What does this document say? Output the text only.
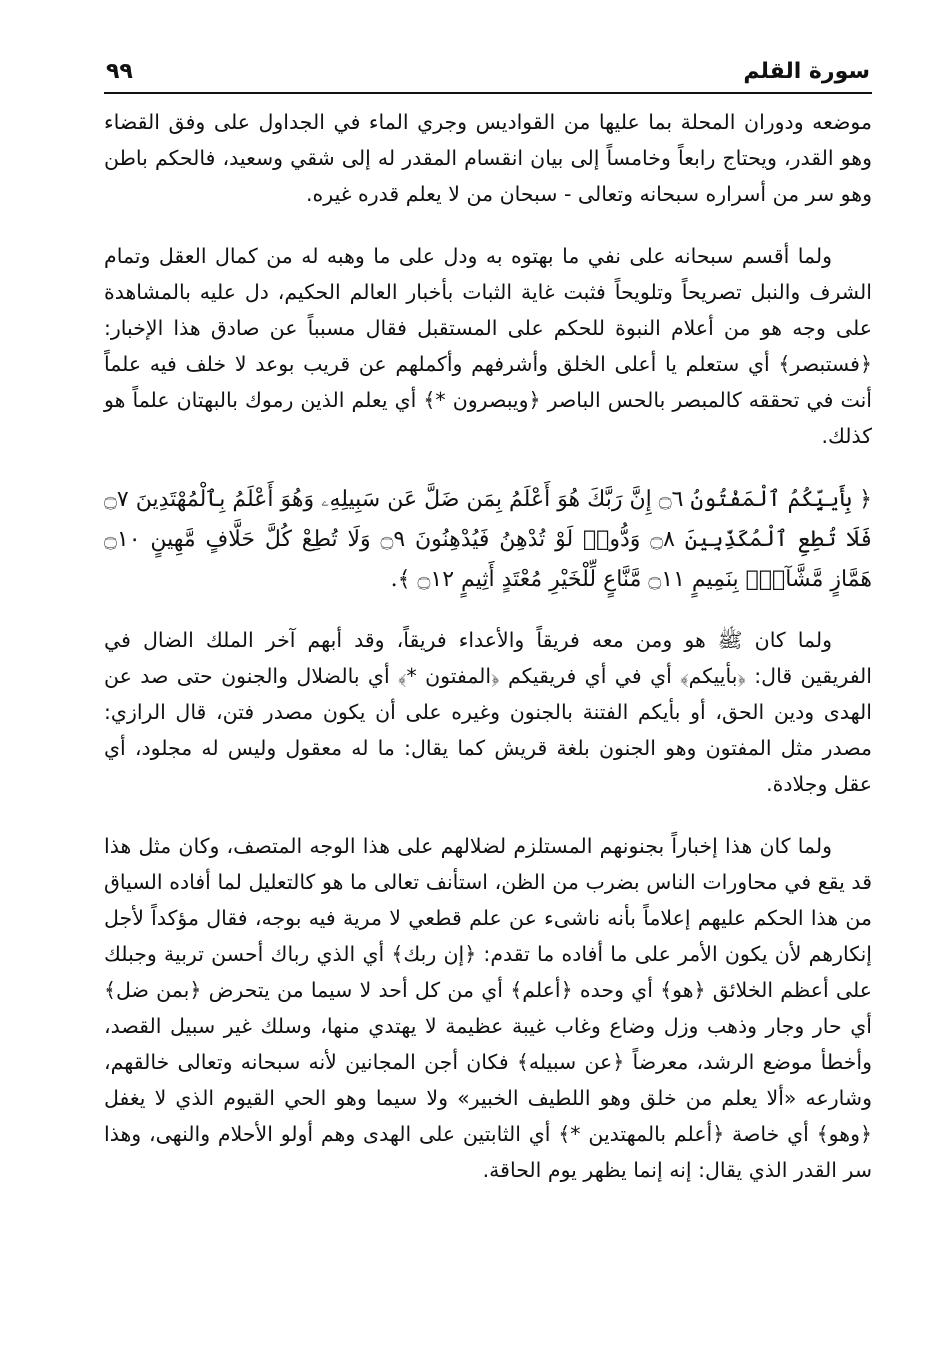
سورة القلم
٩٩

موضعه ودوران المحلة بما عليها من القواديس وجري الماء في الجداول على وفق القضاء وهو القدر، ويحتاج رابعاً وخامساً إلى بيان انقسام المقدر له إلى شقي وسعيد، فالحكم باطن وهو سر من أسراره سبحانه وتعالى - سبحان من لا يعلم قدره غيره.

ولما أقسم سبحانه على نفي ما بهتوه به ودل على ما وهبه له من كمال العقل وتمام الشرف والنبل تصريحاً وتلويحاً فثبت غاية الثبات بأخبار العالم الحكيم، دل عليه بالمشاهدة على وجه هو من أعلام النبوة للحكم على المستقبل فقال مسبباً عن صادق هذا الإخبار: ﴿فستبصر﴾ أي ستعلم يا أعلى الخلق وأشرفهم وأكملهم عن قريب بوعد لا خلف فيه علماً أنت في تحققه كالمبصر بالحس الباصر ﴿ويبصرون *﴾ أي يعلم الذين رموك بالبهتان علماً هو كذلك.

﴿ بِأَييِّكُمُ ٱلْمَفْتُونُ ۝٦ إِنَّ رَبَّكَ هُوَ أَعْلَمُ بِمَن ضَلَّ عَن سَبِيلِهِۦ وَهُوَ أَعْلَمُ بِٱلْمُهْتَدِينَ ۝٧ فَلَا تُطِعِ ٱلْمُكَذِّبِينَ ۝٨ وَدُّوا۟ لَوْ تُدْهِنُ فَيُدْهِنُونَ ۝٩ وَلَا تُطِعْ كُلَّ حَلَّافٍ مَّهِينٍ ۝١٠ هَمَّازٍ مَّشَّآءٍۭ بِنَمِيمٍ ۝١١ مَّنَّاعٍ لِّلْخَيْرِ مُعْتَدٍ أَثِيمٍ ۝١٢ ﴾.

ولما كان ﷺ هو ومن معه فريقاً والأعداء فريقاً، وقد أبهم آخر الملك الضال في الفريقين قال: ﴿بأييكم﴾ أي في أي فريقيكم ﴿المفتون *﴾ أي بالضلال والجنون حتى صد عن الهدى ودين الحق، أو بأيكم الفتنة بالجنون وغيره على أن يكون مصدر فتن، قال الرازي: مصدر مثل المفتون وهو الجنون بلغة قريش كما يقال: ما له معقول وليس له مجلود، أي عقل وجلادة.

ولما كان هذا إخباراً بجنونهم المستلزم لضلالهم على هذا الوجه المتصف، وكان مثل هذا قد يقع في محاورات الناس بضرب من الظن، استأنف تعالى ما هو كالتعليل لما أفاده السياق من هذا الحكم عليهم إعلاماً بأنه ناشىء عن علم قطعي لا مرية فيه بوجه، فقال مؤكداً لأجل إنكارهم لأن يكون الأمر على ما أفاده ما تقدم: ﴿إن ربك﴾ أي الذي رباك أحسن تربية وجبلك على أعظم الخلائق ﴿هو﴾ أي وحده ﴿أعلم﴾ أي من كل أحد لا سيما من يتحرض ﴿بمن ضل﴾ أي حار وجار وذهب وزل وضاع وغاب غيبة عظيمة لا يهتدي منها، وسلك غير سبيل القصد، وأخطأ موضع الرشد، معرضاً ﴿عن سبيله﴾ فكان أجن المجانين لأنه سبحانه وتعالى خالقهم، وشارعه «ألا يعلم من خلق وهو اللطيف الخبير» ولا سيما وهو الحي القيوم الذي لا يغفل ﴿وهو﴾ أي خاصة ﴿أعلم بالمهتدين *﴾ أي الثابتين على الهدى وهم أولو الأحلام والنهى، وهذا سر القدر الذي يقال: إنه إنما يظهر يوم الحاقة.
